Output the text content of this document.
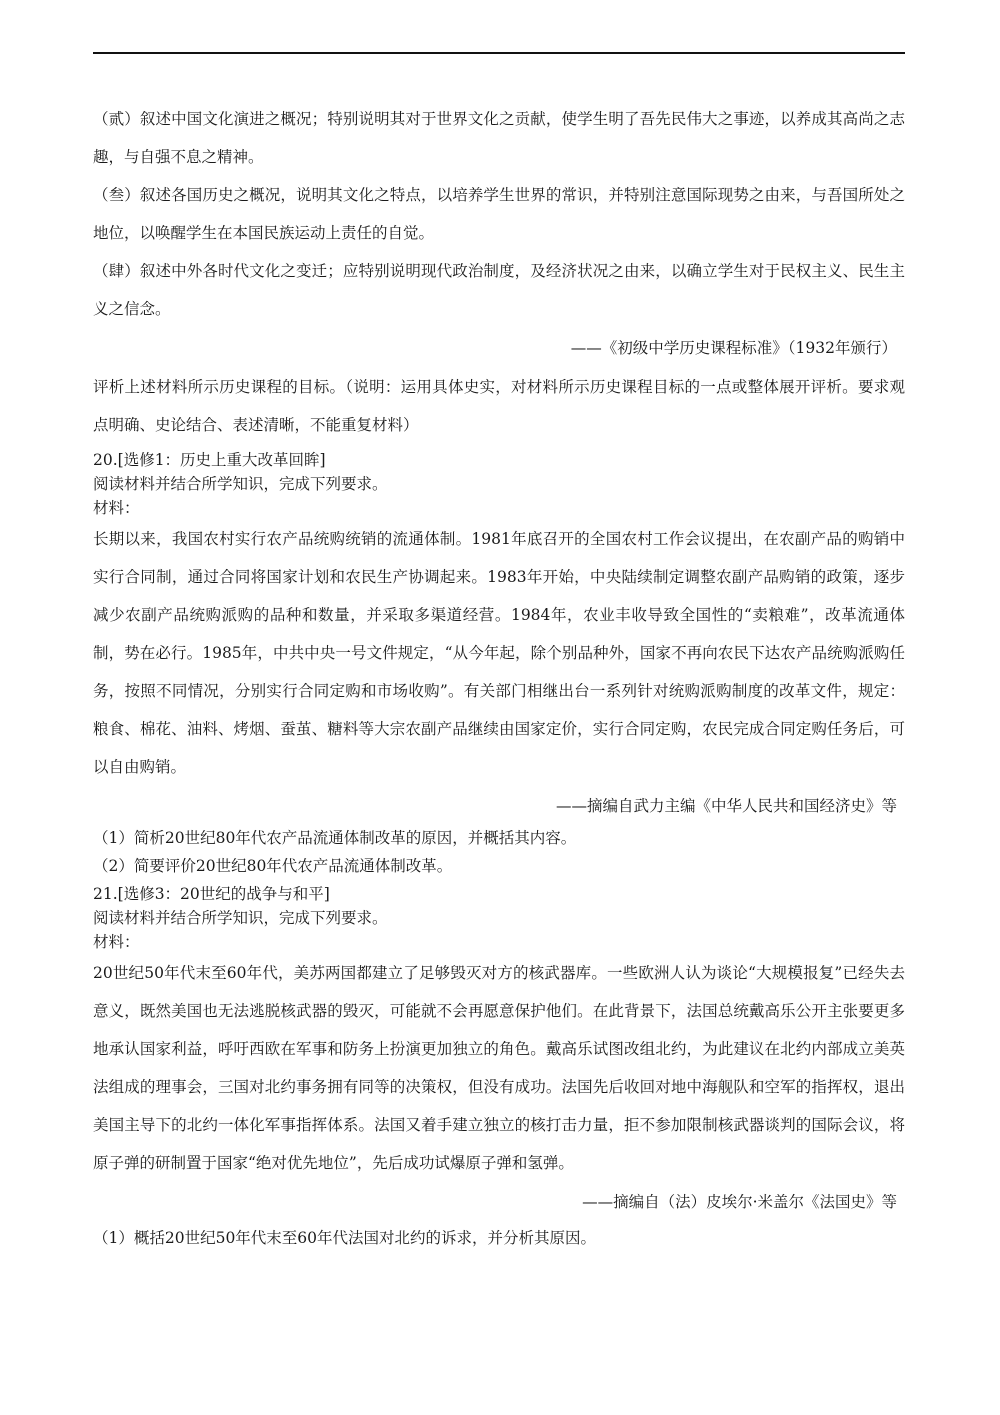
（贰）叙述中国文化演进之概况；特别说明其对于世界文化之贡献，使学生明了吾先民伟大之事迹，以养成其高尚之志趣，与自强不息之精神。

（叁）叙述各国历史之概况，说明其文化之特点，以培养学生世界的常识，并特别注意国际现势之由来，与吾国所处之地位，以唤醒学生在本国民族运动上责任的自觉。

（肆）叙述中外各时代文化之变迁；应特别说明现代政治制度，及经济状况之由来，以确立学生对于民权主义、民生主义之信念。

——《初级中学历史课程标准》（1932年颁行）

评析上述材料所示历史课程的目标。（说明：运用具体史实，对材料所示历史课程目标的一点或整体展开评析。要求观点明确、史论结合、表述清晰，不能重复材料）

20.[选修1：历史上重大改革回眸]

阅读材料并结合所学知识，完成下列要求。

材料：

长期以来，我国农村实行农产品统购统销的流通体制。1981年底召开的全国农村工作会议提出，在农副产品的购销中实行合同制，通过合同将国家计划和农民生产协调起来。1983年开始，中央陆续制定调整农副产品购销的政策，逐步减少农副产品统购派购的品种和数量，并采取多渠道经营。1984年，农业丰收导致全国性的“卖粮难”，改革流通体制，势在必行。1985年，中共中央一号文件规定，“从今年起，除个别品种外，国家不再向农民下达农产品统购派购任务，按照不同情况，分别实行合同定购和市场收购”。有关部门相继出台一系列针对统购派购制度的改革文件，规定：粮食、棉花、油料、烤烟、蚕茧、糖料等大宗农副产品继续由国家定价，实行合同定购，农民完成合同定购任务后，可以自由购销。

——摘编自武力主编《中华人民共和国经济史》等

（1）简析20世纪80年代农产品流通体制改革的原因，并概括其内容。

（2）简要评价20世纪80年代农产品流通体制改革。

21.[选修3：20世纪的战争与和平]

阅读材料并结合所学知识，完成下列要求。

材料：

20世纪50年代末至60年代，美苏两国都建立了足够毁灭对方的核武器库。一些欧洲人认为谈论“大规模报复”已经失去意义，既然美国也无法逃脱核武器的毁灭，可能就不会再愿意保护他们。在此背景下，法国总统戴高乐公开主张要更多地承认国家利益，呼吁西欧在军事和防务上扮演更加独立的角色。戴高乐试图改组北约，为此建议在北约内部成立美英法组成的理事会，三国对北约事务拥有同等的决策权，但没有成功。法国先后收回对地中海舰队和空军的指挥权，退出美国主导下的北约一体化军事指挥体系。法国又着手建立独立的核打击力量，拒不参加限制核武器谈判的国际会议，将原子弹的研制置于国家“绝对优先地位”，先后成功试爆原子弹和氢弹。

——摘编自（法）皮埃尔·米盖尔《法国史》等

（1）概括20世纪50年代末至60年代法国对北约的诉求，并分析其原因。
